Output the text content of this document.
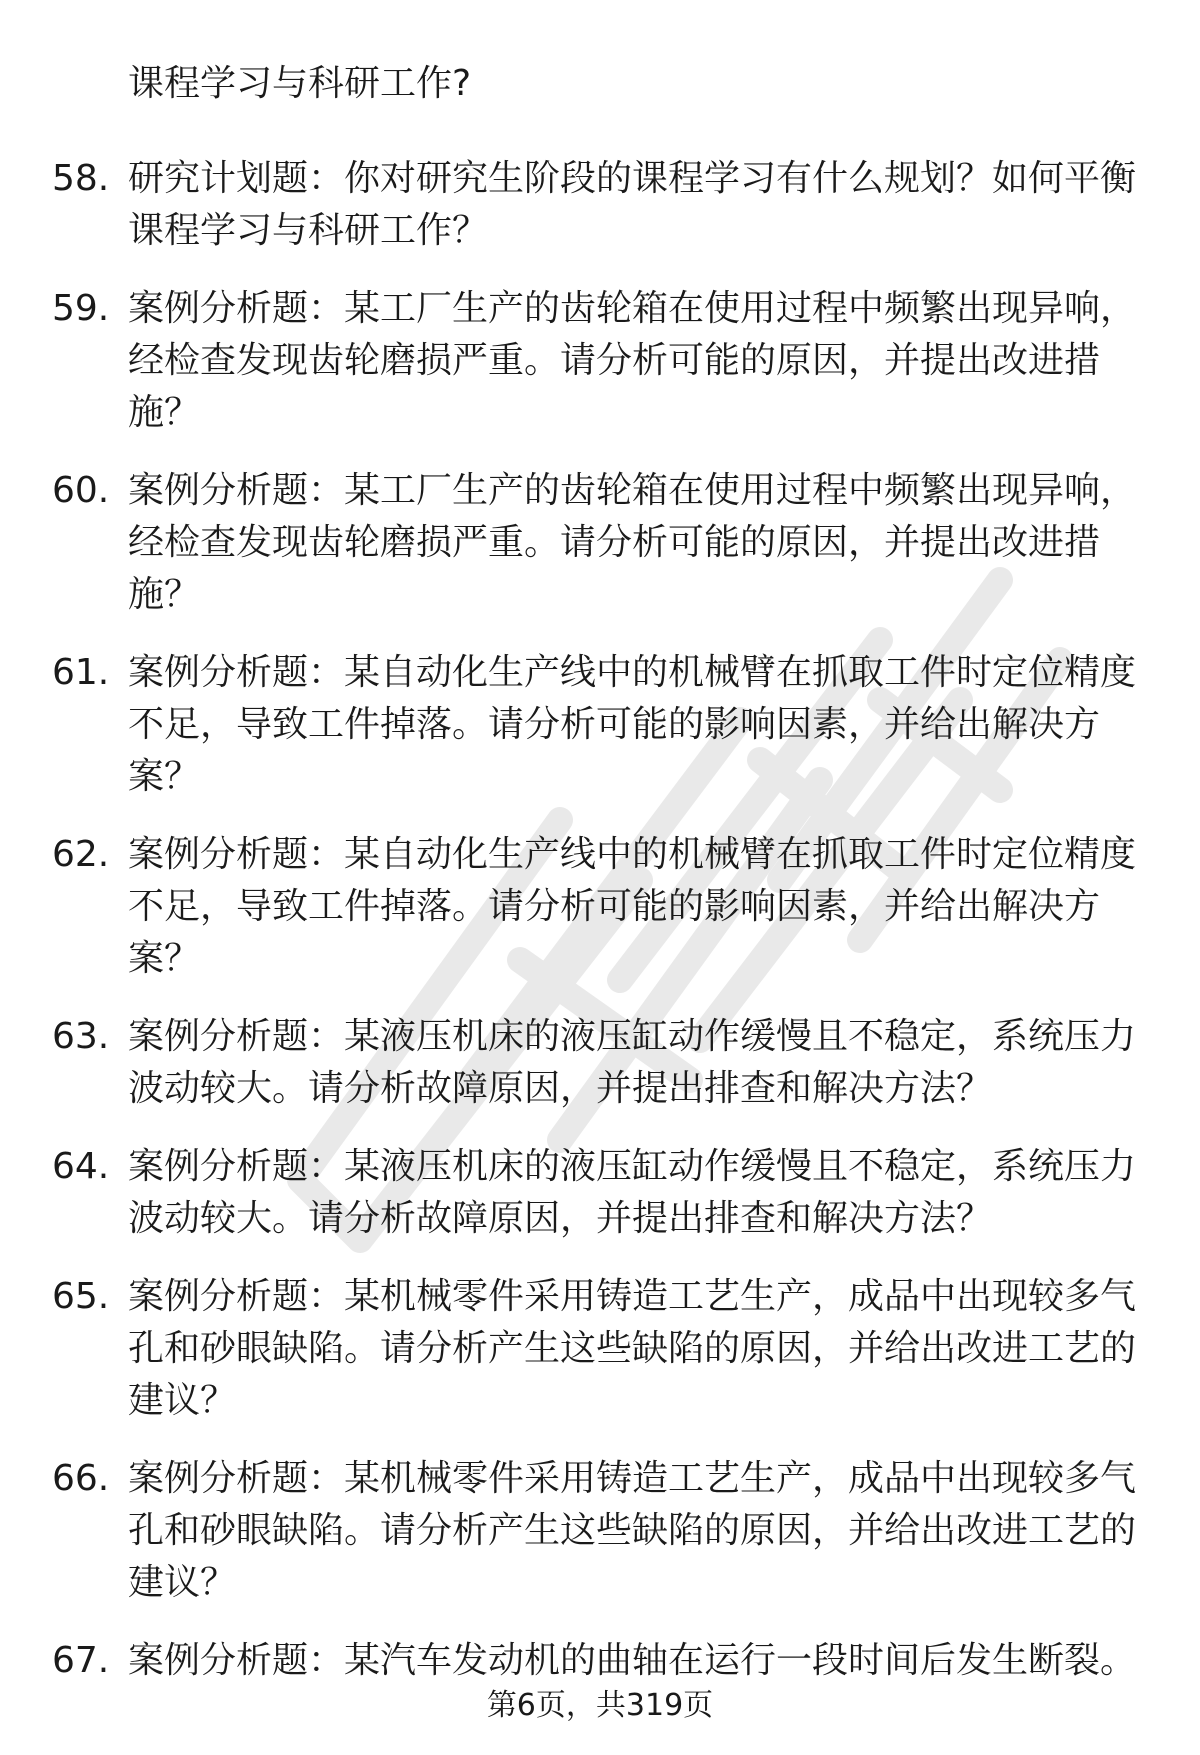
课程学习与科研工作?

58. 研究计划题：你对研究生阶段的课程学习有什么规划？如何平衡课程学习与科研工作？
59. 案例分析题：某工厂生产的齿轮箱在使用过程中频繁出现异响，经检查发现齿轮磨损严重。请分析可能的原因，并提出改进措施？
60. 案例分析题：某工厂生产的齿轮箱在使用过程中频繁出现异响，经检查发现齿轮磨损严重。请分析可能的原因，并提出改进措施？
61. 案例分析题：某自动化生产线中的机械臂在抓取工件时定位精度不足，导致工件掉落。请分析可能的影响因素，并给出解决方案？
62. 案例分析题：某自动化生产线中的机械臂在抓取工件时定位精度不足，导致工件掉落。请分析可能的影响因素，并给出解决方案？
63. 案例分析题：某液压机床的液压缸动作缓慢且不稳定，系统压力波动较大。请分析故障原因，并提出排查和解决方法？
64. 案例分析题：某液压机床的液压缸动作缓慢且不稳定，系统压力波动较大。请分析故障原因，并提出排查和解决方法？
65. 案例分析题：某机械零件采用铸造工艺生产，成品中出现较多气孔和砂眼缺陷。请分析产生这些缺陷的原因，并给出改进工艺的建议？
66. 案例分析题：某机械零件采用铸造工艺生产，成品中出现较多气孔和砂眼缺陷。请分析产生这些缺陷的原因，并给出改进工艺的建议？
67. 案例分析题：某汽车发动机的曲轴在运行一段时间后发生断裂。
第6页，共319页
